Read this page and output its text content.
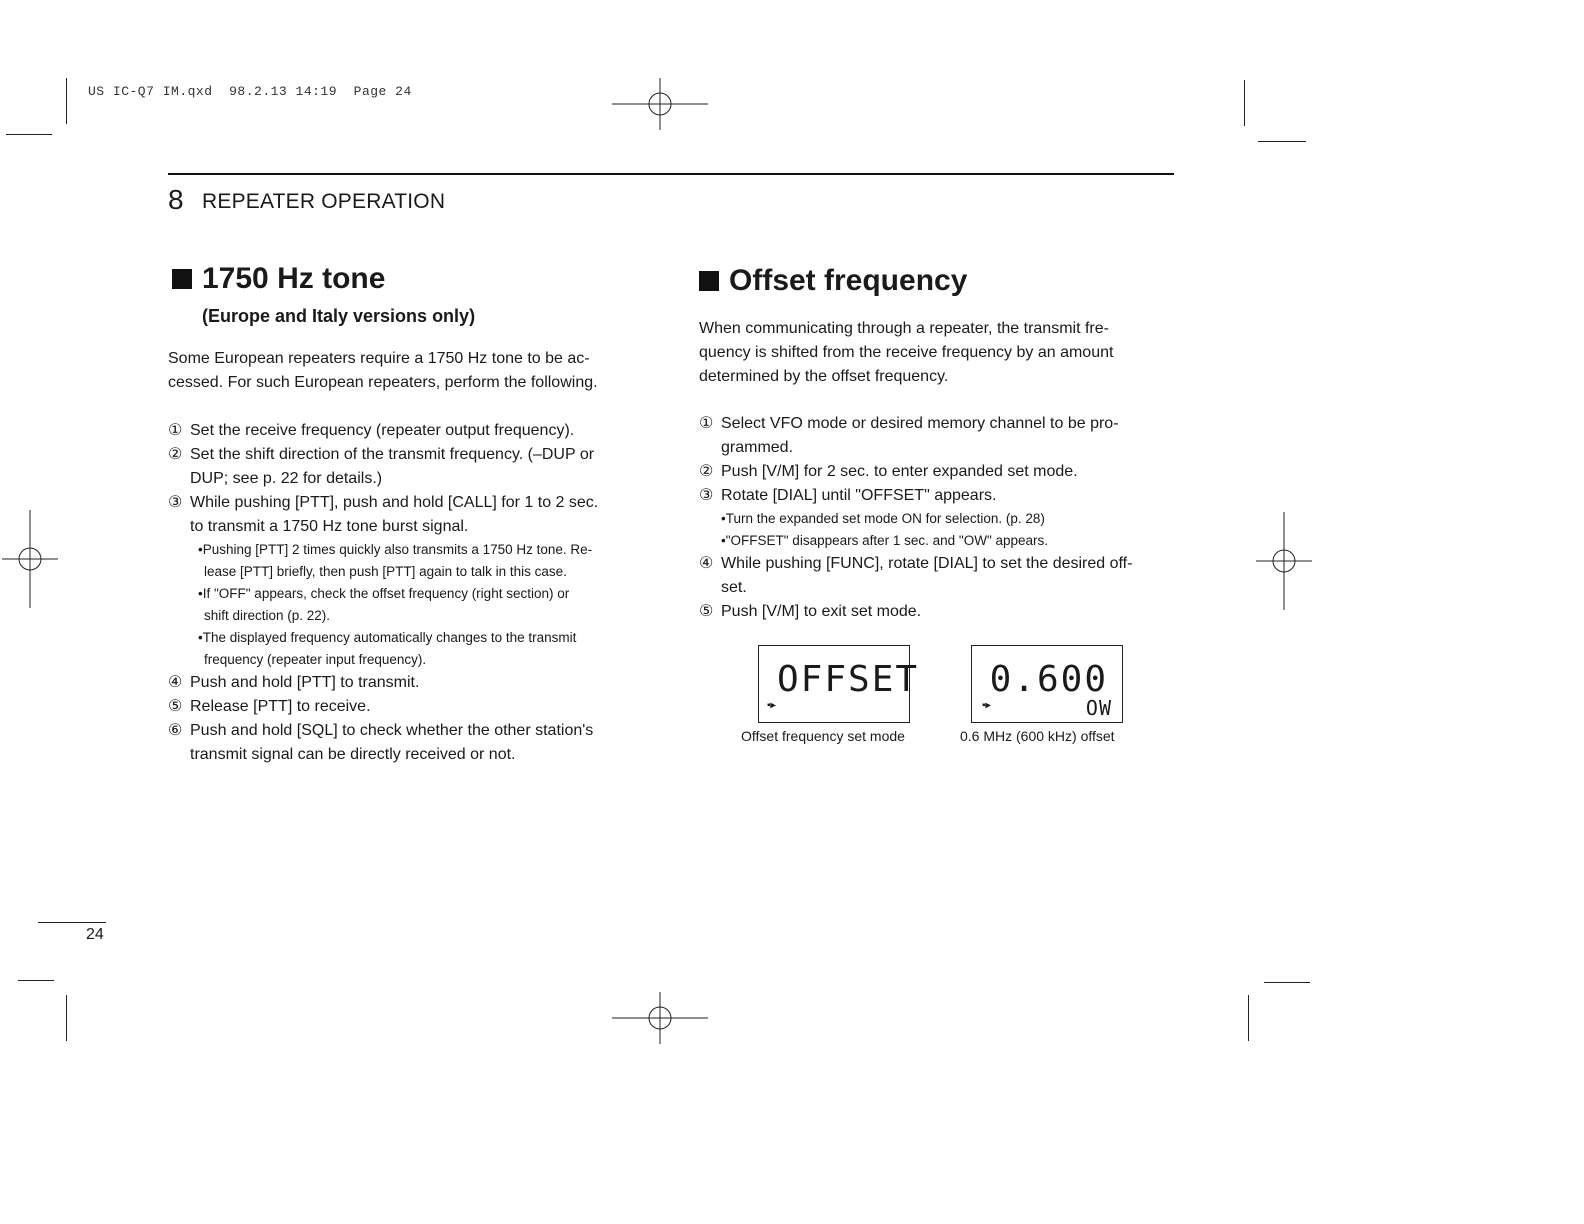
US IC-Q7 IM.qxd  98.2.13 14:19  Page 24
8 REPEATER OPERATION
1750 Hz tone
(Europe and Italy versions only)
Some European repeaters require a 1750 Hz tone to be ac-
cessed. For such European repeaters, perform the following.
① Set the receive frequency (repeater output frequency).
② Set the shift direction of the transmit frequency. (–DUP or
DUP; see p. 22 for details.)
③ While pushing [PTT], push and hold [CALL] for 1 to 2 sec.
to transmit a 1750 Hz tone burst signal.
•Pushing [PTT] 2 times quickly also transmits a 1750 Hz tone. Re-
lease [PTT] briefly, then push [PTT] again to talk in this case.
•If "OFF" appears, check the offset frequency (right section) or
shift direction (p. 22).
•The displayed frequency automatically changes to the transmit
frequency (repeater input frequency).
④ Push and hold [PTT] to transmit.
⑤ Release [PTT] to receive.
⑥ Push and hold [SQL] to check whether the other station's
transmit signal can be directly received or not.
Offset frequency
When communicating through a repeater, the transmit fre-
quency is shifted from the receive frequency by an amount
determined by the offset frequency.
① Select VFO mode or desired memory channel to be pro-
grammed.
② Push [V/M] for 2 sec. to enter expanded set mode.
③ Rotate [DIAL] until "OFFSET" appears.
•Turn the expanded set mode ON for selection. (p. 28)
•"OFFSET" disappears after 1 sec. and "OW" appears.
④ While pushing [FUNC], rotate [DIAL] to set the desired off-
set.
⑤ Push [V/M] to exit set mode.
OFFSET
▪▸
Offset frequency set mode
0.600
OW
▪▸
0.6 MHz (600 kHz) offset
24
